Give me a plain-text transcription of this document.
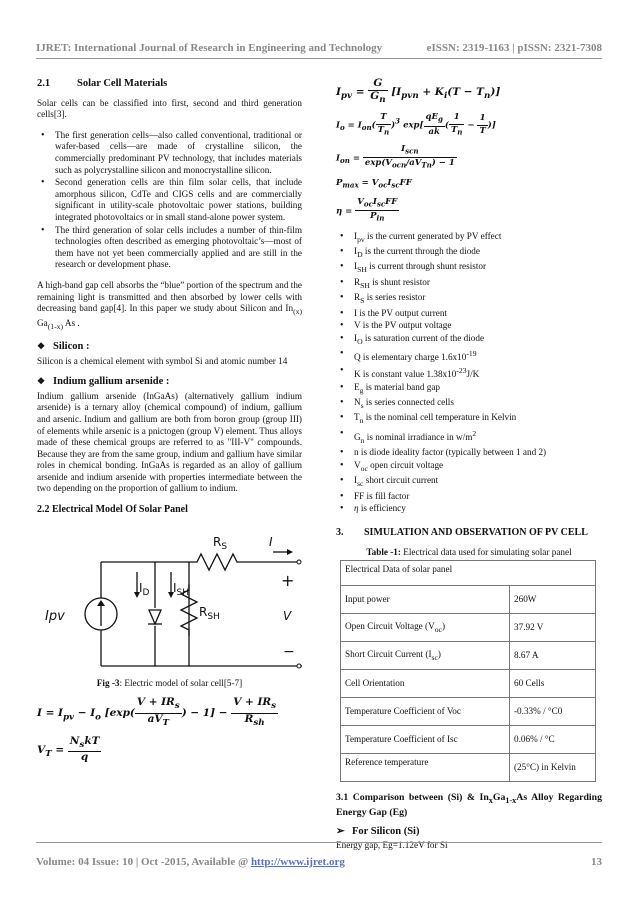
IJRET: International Journal of Research in Engineering and Technology	eISSN: 2319-1163 | pISSN: 2321-7308
2.1	Solar Cell Materials

Solar cells can be classified into first, second and third generation cells[3].

• The first generation cells—also called conventional, traditional or wafer-based cells—are made of crystalline silicon, the commercially predominant PV technology, that includes materials such as polycrystalline silicon and monocrystalline silicon.
• Second generation cells are thin film solar cells, that include amorphous silicon, CdTe and CIGS cells and are commercially significant in utility-scale photovoltaic power stations, building integrated photovoltaics or in small stand-alone power system.
• The third generation of solar cells includes a number of thin-film technologies often described as emerging photovoltaic’s—most of them have not yet been commercially applied and are still in the research or development phase.

A high-band gap cell absorbs the “blue” portion of the spectrum and the remaining light is transmitted and then absorbed by lower cells with decreasing band gap[4]. In this paper we study about Silicon and $In_{(x)}$ $Ga_{(1-x)}$ As .

❖ Silicon :

Silicon is a chemical element with symbol Si and atomic number 14

❖ Indium gallium arsenide :

Indium gallium arsenide (InGaAs) (alternatively gallium indium arsenide) is a ternary alloy (chemical compound) of indium, gallium and arsenic. Indium and gallium are both from boron group (group III) of elements while arsenic is a pnictogen (group V) element. Thus alloys made of these chemical groups are referred to as "III-V" compounds. Because they are from the same group, indium and gallium have similar roles in chemical bonding. InGaAs is regarded as an alloy of gallium arsenide and indium arsenide with properties intermediate between the two depending on the proportion of gallium to indium.

2.2 Electrical Model Of Solar Panel
$R_S$	I
$I_D$ $I_{SH}$
$R_{SH}$
+
V
−
Ipv
Fig -3: Electric model of solar cell[5-7]
$I = I_{pv} - I_o$ [$\exp( \frac{V + IR_s}{aV_T}$ ) − $1] - \frac{V + IR_s}{R_{sh}}$
$V_T = \frac{N_skT}{q}$
$I_{pv} = \frac{G}{G_n} [I_{pvn} + K_i(T - T_n)]$
$I_o = I_{on}( \frac{T}{T_n} )^3$ $\exp[ \frac{qE_g}{ak}$ ( $\frac{1}{T_n} - \frac{1}{T}$ )]
$I_{on} = \frac{I_{scn}}{\exp(V_{ocn}/aV_{Tn}) - 1}$
$P_{max} = V_{oc}I_{sc}FF$
$\eta = \frac{V_{oc}I_{sc}FF}{P_{in}}$
• $I_{pv}$ is the current generated by PV effect
• $I_D$ is the current through the diode
• $I_{SH}$ is current through shunt resistor
• $R_{SH}$ is shunt resistor
• $R_S$ is series resistor
• I is the PV output current
• V is the PV output voltage
• $I_O$ is saturation current of the diode
• Q is elementary charge $1.6x10^{-19}$
• K is constant value $1.38x10^{-23}J/K$
• $E_g$ is material band gap
• $N_s$ is series connected cells
• $T_n$ is the nominal cell temperature in Kelvin
• $G_n$ is nominal irradiance in $w/m^2$
• n is diode ideality factor (typically between 1 and 2)
• $V_{oc}$ open circuit voltage
• $I_{sc}$ short circuit current
• FF is fill factor
• η is efficiency
3.	SIMULATION AND OBSERVATION OF PV CELL
Table -1: Electrical data used for simulating solar panel
Electrical Data of solar panel	
Input power	260W
Open Circuit Voltage $(V_{oc})$	37.92 V
Short Circuit Current $(I_{sc})$	8.67 A
Cell Orientation	60 Cells
Temperature Coefficient of Voc	-0.33% / °C0
Temperature Coefficient of Isc	0.06% / °C
Reference temperature	(25°C) in Kelvin
3.1 Comparison between (Si) & $In_xGa_{1-x}As$ Alloy Regarding Energy Gap (Eg)
➢ For Silicon (Si)

Energy gap, Eg=1.12eV for Si

Volume: 04 Issue: 10 | Oct -2015, Available @ http://www.ijret.org	13
